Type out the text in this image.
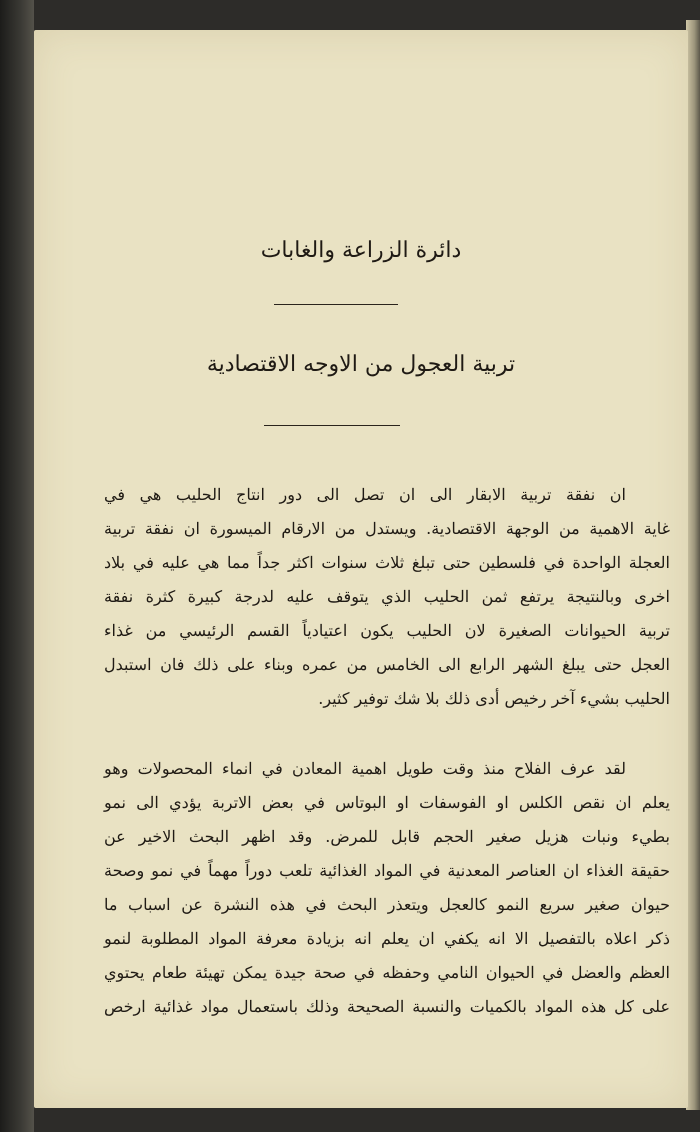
دائرة الزراعة والغابات
تربية العجول من الاوجه الاقتصادية
ان نفقة تربية الابقار الى ان تصل الى دور انتاج الحليب هي في
غاية الاهمية من الوجهة الاقتصادية. ويستدل من الارقام الميسورة ان نفقة تربية
العجلة الواحدة في فلسطين حتى تبلغ ثلاث سنوات اكثر جداً مما هي عليه في بلاد
اخرى وبالنتيجة يرتفع ثمن الحليب الذي يتوقف عليه لدرجة كبيرة كثرة نفقة
تربية الحيوانات الصغيرة لان الحليب يكون اعتيادياً القسم الرئيسي من غذاء
العجل حتى يبلغ الشهر الرابع الى الخامس من عمره وبناء على ذلك فان استبدل
الحليب بشيء آخر رخيص أدى ذلك بلا شك توفير كثير.
لقد عرف الفلاح منذ وقت طويل اهمية المعادن في انماء المحصولات وهو
يعلم ان نقص الكلس او الفوسفات او البوتاس في بعض الاتربة يؤدي الى نمو
بطيء ونبات هزيل صغير الحجم قابل للمرض. وقد اظهر البحث الاخير عن
حقيقة الغذاء ان العناصر المعدنية في المواد الغذائية تلعب دوراً مهماً في نمو وصحة
حيوان صغير سريع النمو كالعجل ويتعذر البحث في هذه النشرة عن اسباب ما
ذكر اعلاه بالتفصيل الا انه يكفي ان يعلم انه بزيادة معرفة المواد المطلوبة لنمو
العظم والعضل في الحيوان النامي وحفظه في صحة جيدة يمكن تهيئة طعام يحتوي
على كل هذه المواد بالكميات والنسبة الصحيحة وذلك باستعمال مواد غذائية ارخص
